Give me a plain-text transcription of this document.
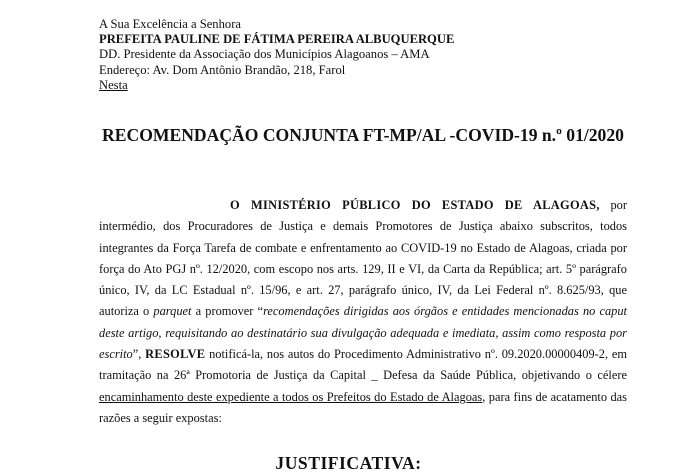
A Sua Excelência a Senhora
PREFEITA PAULINE DE FÁTIMA PEREIRA ALBUQUERQUE
DD. Presidente da Associação dos Municípios Alagoanos – AMA
Endereço: Av. Dom Antônio Brandão, 218, Farol
Nesta
RECOMENDAÇÃO CONJUNTA FT-MP/AL -COVID-19 n.º 01/2020

O MINISTÉRIO PÚBLICO DO ESTADO DE ALAGOAS, por intermédio, dos Procuradores de Justiça e demais Promotores de Justiça abaixo subscritos, todos integrantes da Força Tarefa de combate e enfrentamento ao COVID-19 no Estado de Alagoas, criada por força do Ato PGJ nº. 12/2020, com escopo nos arts. 129, II e VI, da Carta da República; art. 5º parágrafo único, IV, da LC Estadual nº. 15/96, e art. 27, parágrafo único, IV, da Lei Federal nº. 8.625/93, que autoriza o parquet a promover “recomendações dirigidas aos órgãos e entidades mencionadas no caput deste artigo, requisitando ao destinatário sua divulgação adequada e imediata, assim como resposta por escrito”, RESOLVE notificá-la, nos autos do Procedimento Administrativo nº. 09.2020.00000409-2, em tramitação na 26ª Promotoria de Justiça da Capital _ Defesa da Saúde Pública, objetivando o célere encaminhamento deste expediente a todos os Prefeitos do Estado de Alagoas, para fins de acatamento das razões a seguir expostas:

JUSTIFICATIVA:
